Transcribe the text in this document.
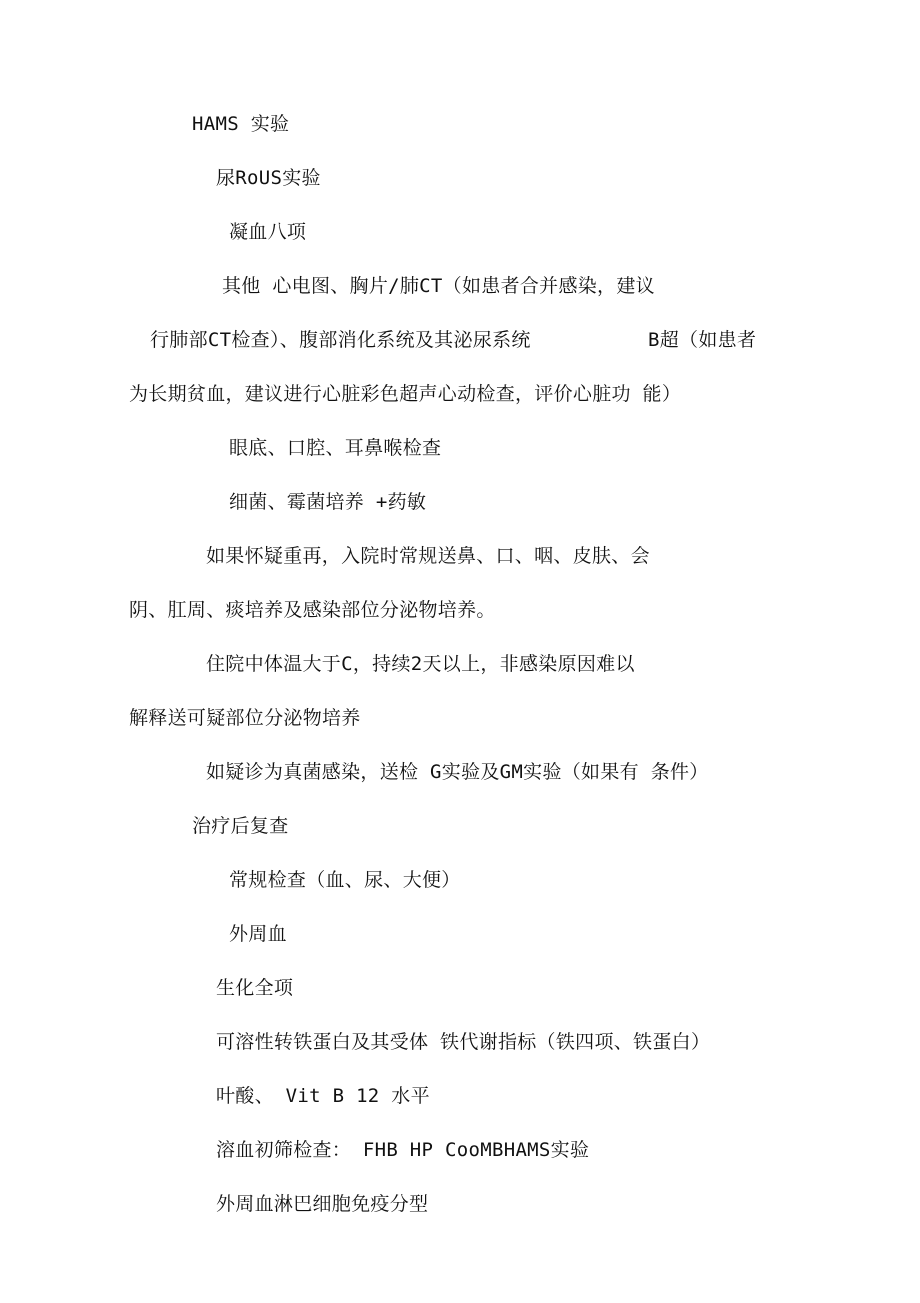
HAMS 实验
尿RoUS实验
凝血八项
其他 心电图、胸片/肺CT（如患者合并感染，建议
行肺部CT检查）、腹部消化系统及其泌尿系统	B超（如患者
为长期贫血，建议进行心脏彩色超声心动检查，评价心脏功 能）
眼底、口腔、耳鼻喉检查
细菌、霉菌培养 +药敏
如果怀疑重再，入院时常规送鼻、口、咽、皮肤、会
阴、肛周、痰培养及感染部位分泌物培养。
住院中体温大于C，持续2天以上，非感染原因难以
解释送可疑部位分泌物培养
如疑诊为真菌感染，送检 G实验及GM实验（如果有 条件）
治疗后复查
常规检查（血、尿、大便）
外周血
生化全项
可溶性转铁蛋白及其受体 铁代谢指标（铁四项、铁蛋白）
叶酸、 Vit B 12 水平
溶血初筛检查： FHB HP CooMBHAMS实验
外周血淋巴细胞免疫分型
